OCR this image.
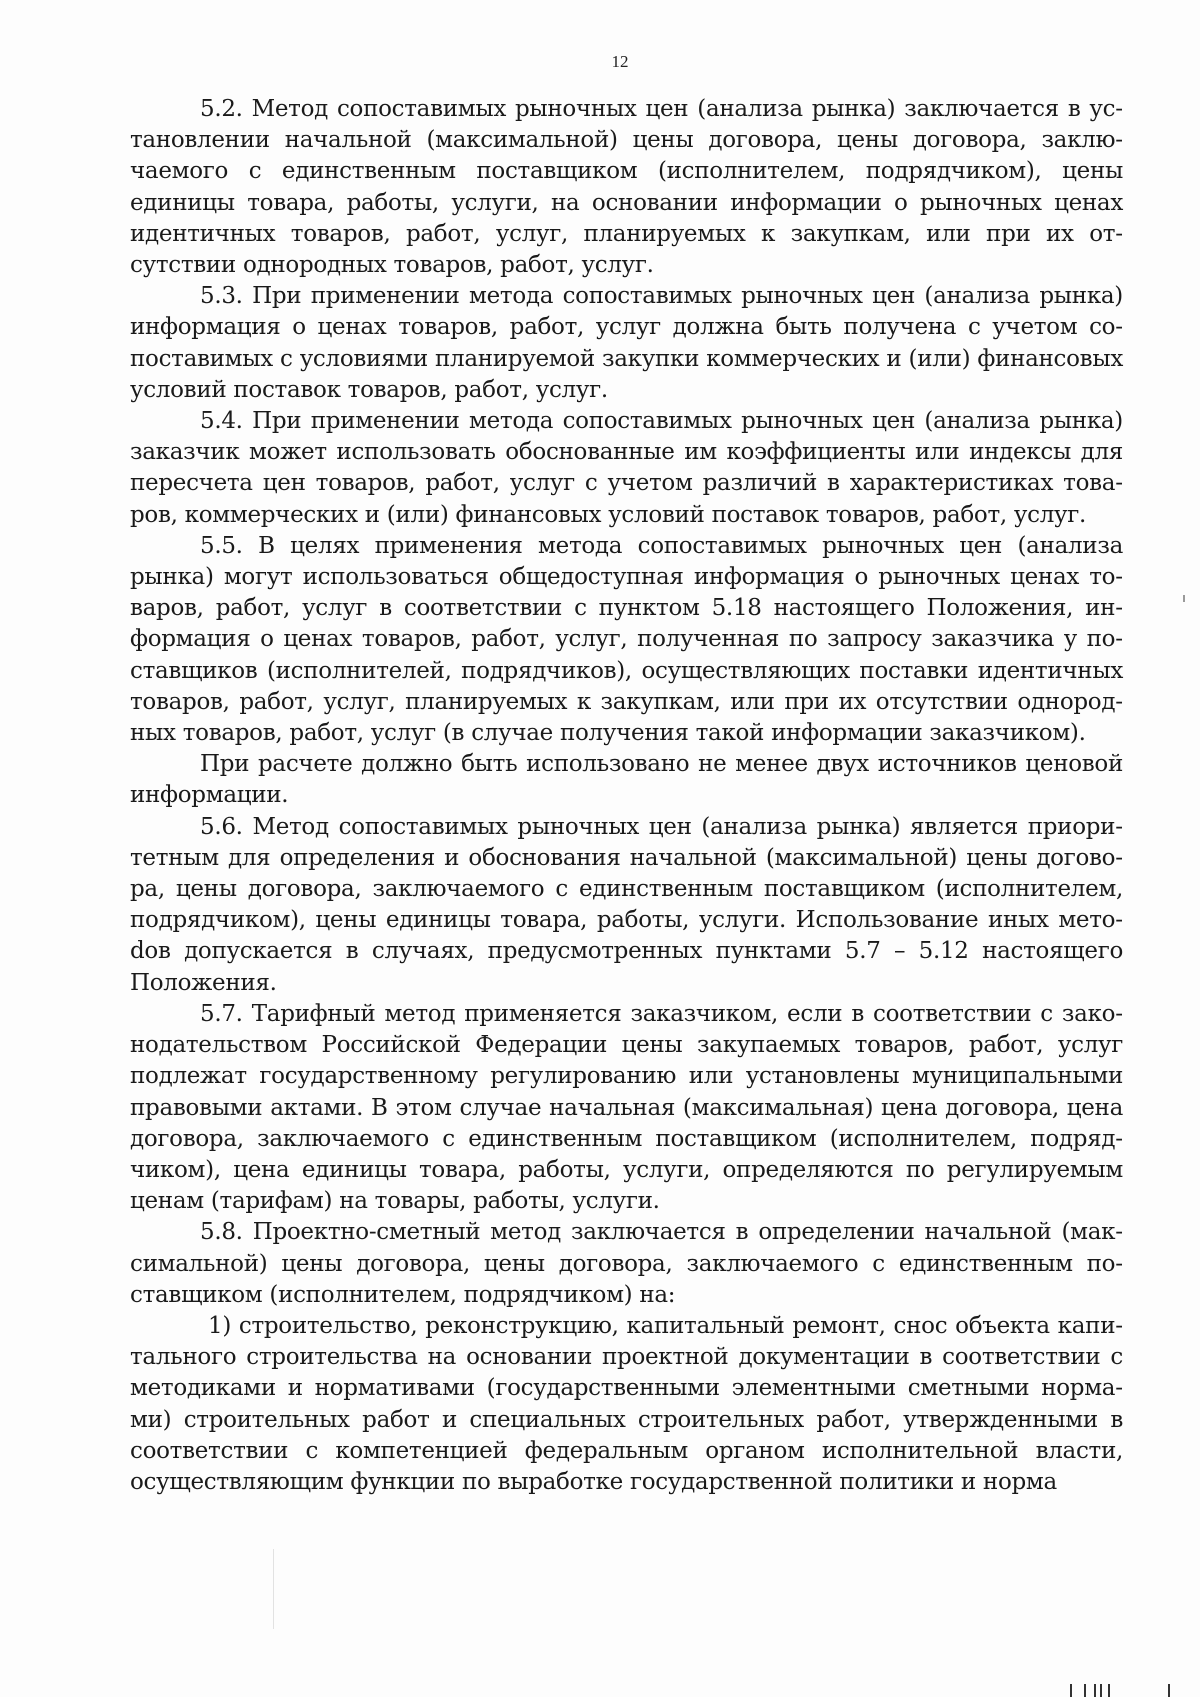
12

5.2. Метод сопоставимых рыночных цен (анализа рынка) заключается в установлении начальной (максимальной) цены договора, цены договора, заключаемого с единственным поставщиком (исполнителем, подрядчиком), цены единицы товара, работы, услуги, на основании информации о рыночных ценах идентичных товаров, работ, услуг, планируемых к закупкам, или при их отсутствии однородных товаров, работ, услуг.

5.3. При применении метода сопоставимых рыночных цен (анализа рынка) информация о ценах товаров, работ, услуг должна быть получена с учетом сопоставимых с условиями планируемой закупки коммерческих и (или) финансовых условий поставок товаров, работ, услуг.

5.4. При применении метода сопоставимых рыночных цен (анализа рынка) заказчик может использовать обоснованные им коэффициенты или индексы для пересчета цен товаров, работ, услуг с учетом различий в характеристиках товаров, коммерческих и (или) финансовых условий поставок товаров, работ, услуг.

5.5. В целях применения метода сопоставимых рыночных цен (анализа рынка) могут использоваться общедоступная информация о рыночных ценах товаров, работ, услуг в соответствии с пунктом 5.18 настоящего Положения, информация о ценах товаров, работ, услуг, полученная по запросу заказчика у поставщиков (исполнителей, подрядчиков), осуществляющих поставки идентичных товаров, работ, услуг, планируемых к закупкам, или при их отсутствии однородных товаров, работ, услуг (в случае получения такой информации заказчиком).

При расчете должно быть использовано не менее двух источников ценовой информации.

5.6. Метод сопоставимых рыночных цен (анализа рынка) является приоритетным для определения и обоснования начальной (максимальной) цены договора, цены договора, заключаемого с единственным поставщиком (исполнителем, подрядчиком), цены единицы товара, работы, услуги. Использование иных метоdов допускается в случаях, предусмотренных пунктами 5.7 – 5.12 настоящего Положения.

5.7. Тарифный метод применяется заказчиком, если в соответствии с законодательством Российской Федерации цены закупаемых товаров, работ, услуг подлежат государственному регулированию или установлены муниципальными правовыми актами. В этом случае начальная (максимальная) цена договора, цена договора, заключаемого с единственным поставщиком (исполнителем, подрядчиком), цена единицы товара, работы, услуги, определяются по регулируемым ценам (тарифам) на товары, работы, услуги.

5.8. Проектно-сметный метод заключается в определении начальной (максимальной) цены договора, цены договора, заключаемого с единственным поставщиком (исполнителем, подрядчиком) на:

1) строительство, реконструкцию, капитальный ремонт, снос объекта капитального строительства на основании проектной документации в соответствии с методиками и нормативами (государственными элементными сметными нормами) строительных работ и специальных строительных работ, утвержденными в соответствии с компетенцией федеральным органом исполнительной власти, осуществляющим функции по выработке государственной политики и норма
